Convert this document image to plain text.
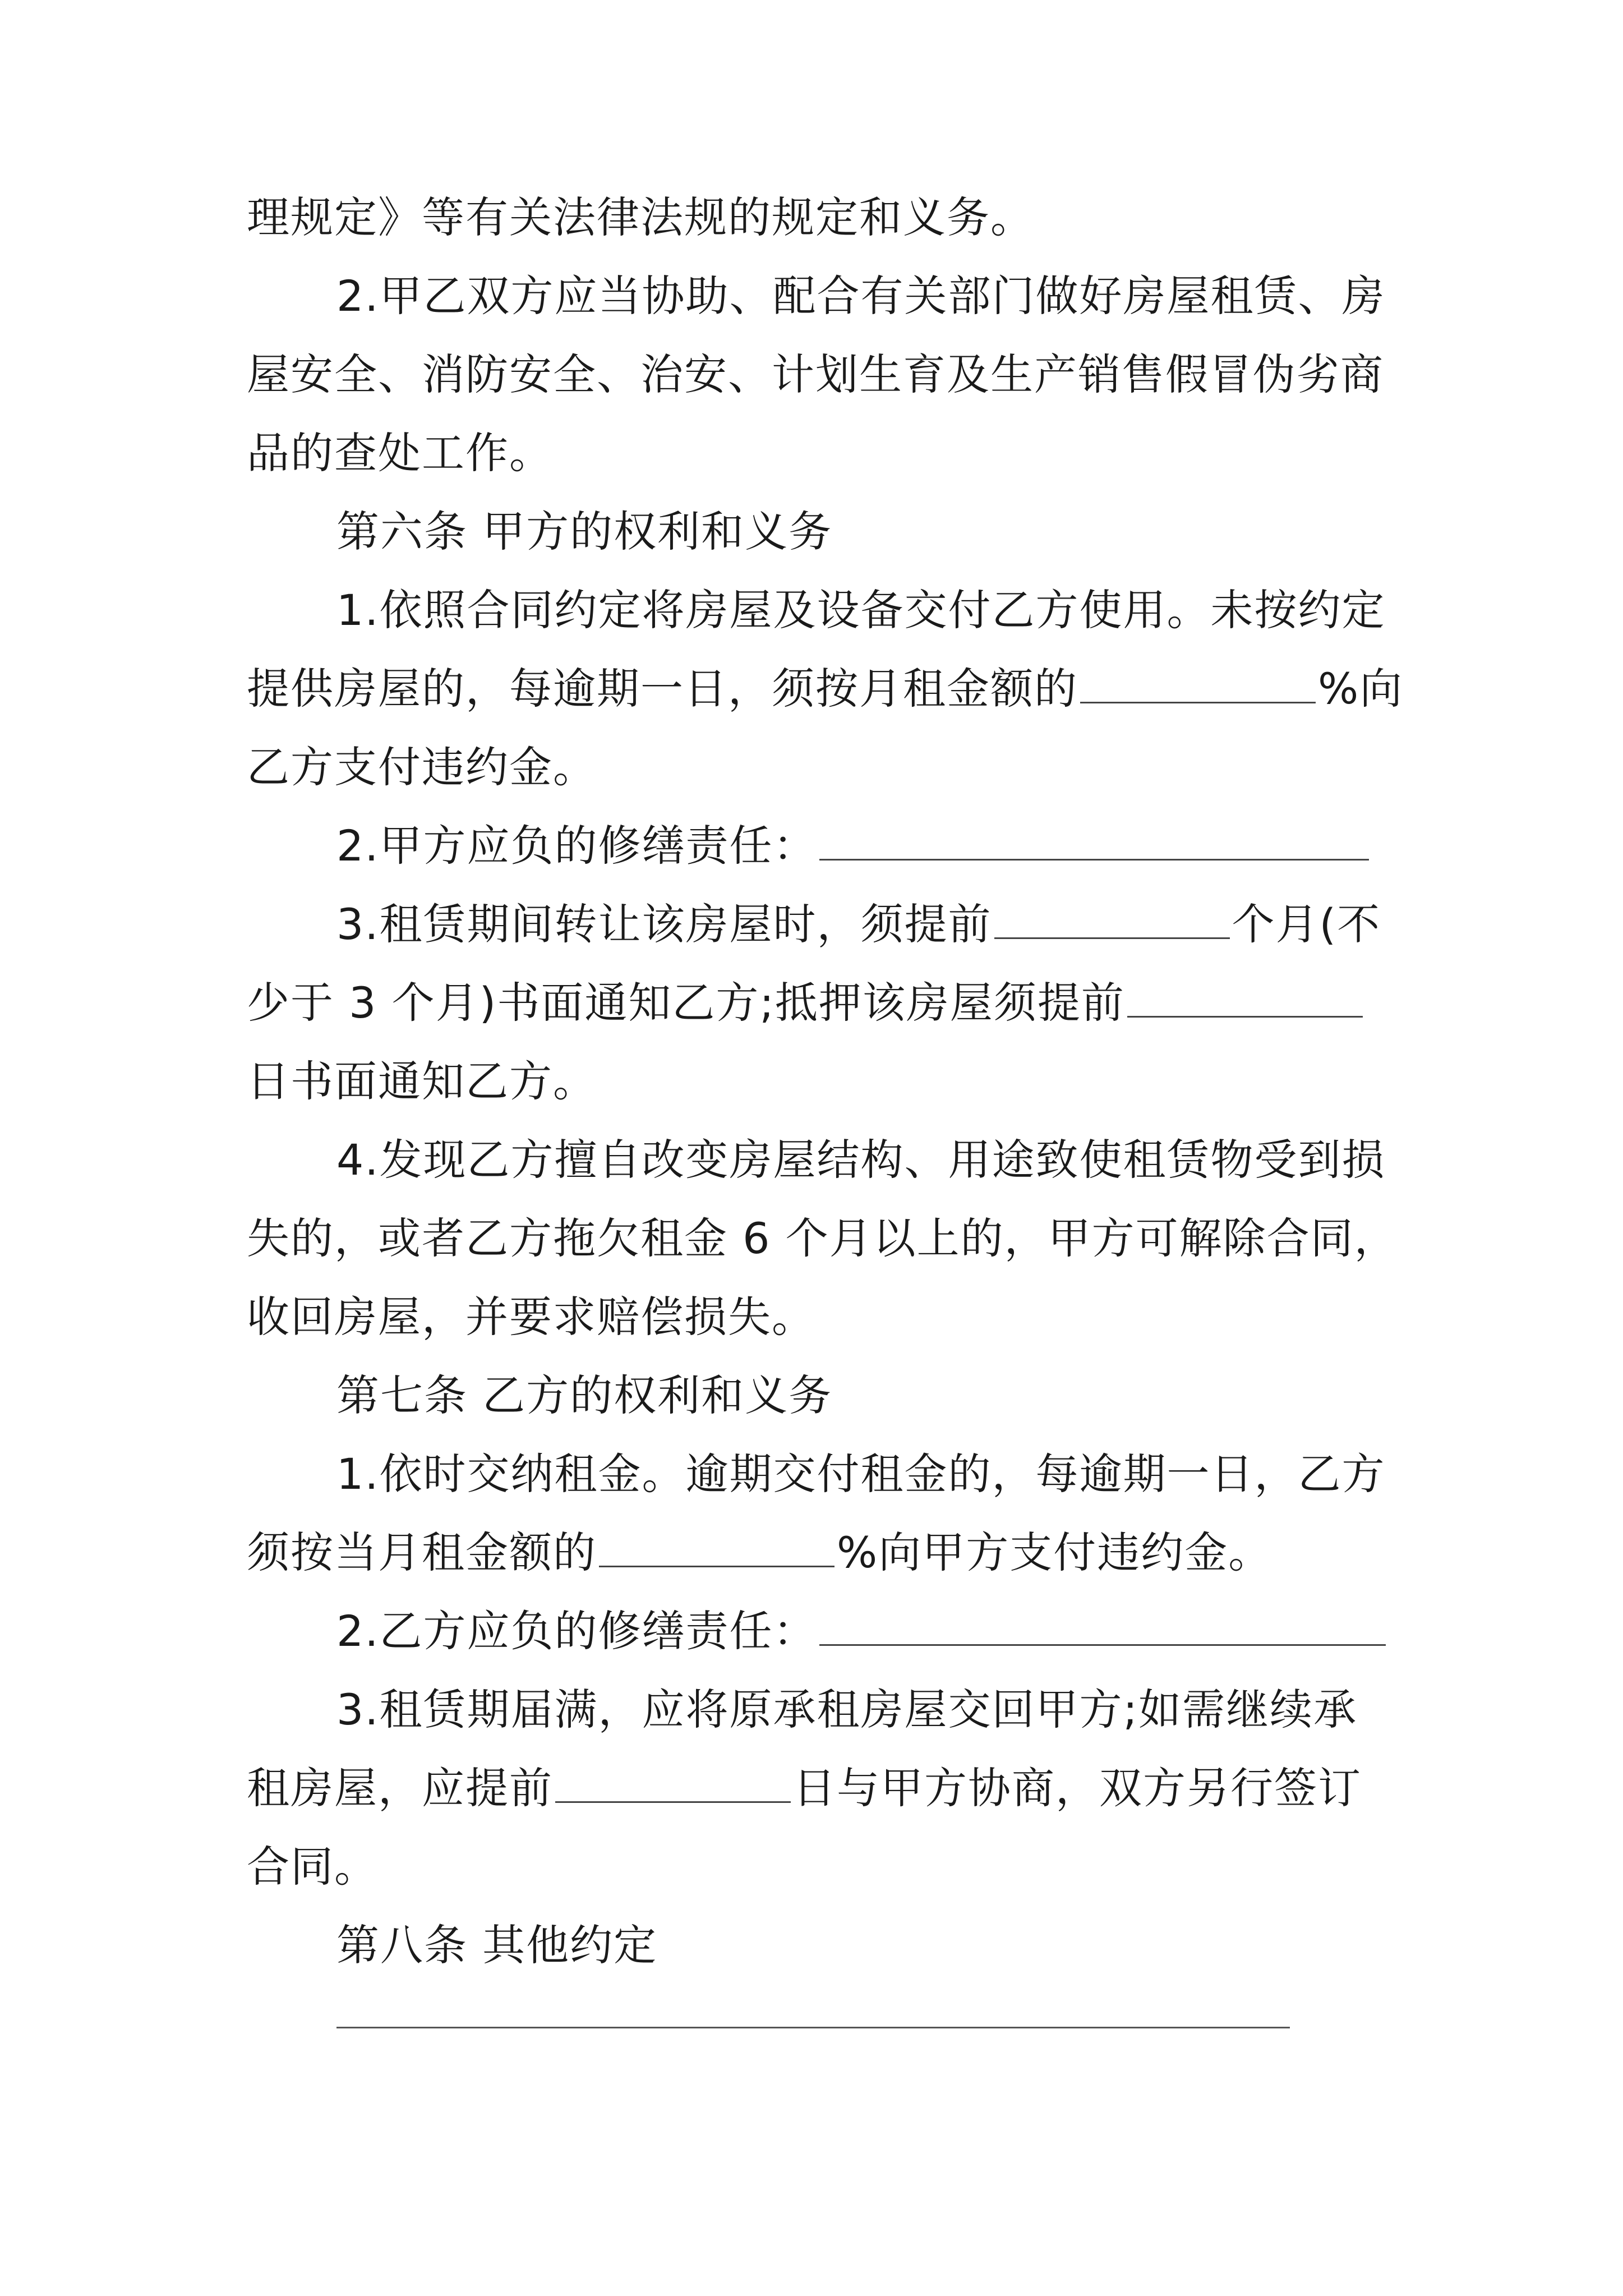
理规定》等有关法律法规的规定和义务。
2.甲乙双方应当协助、配合有关部门做好房屋租赁、房
屋安全、消防安全、治安、计划生育及生产销售假冒伪劣商
品的查处工作。
第六条 甲方的权利和义务
1.依照合同约定将房屋及设备交付乙方使用。未按约定
提供房屋的，每逾期一日，须按月租金额的	%向
乙方支付违约金。
2.甲方应负的修缮责任：
3.租赁期间转让该房屋时，须提前	个月(不
少于 3 个月)书面通知乙方;抵押该房屋须提前
日书面通知乙方。
4.发现乙方擅自改变房屋结构、用途致使租赁物受到损
失的，或者乙方拖欠租金 6 个月以上的，甲方可解除合同，
收回房屋，并要求赔偿损失。
第七条 乙方的权利和义务
1.依时交纳租金。逾期交付租金的，每逾期一日，乙方
须按当月租金额的	%向甲方支付违约金。
2.乙方应负的修缮责任：
3.租赁期届满，应将原承租房屋交回甲方;如需继续承
租房屋，应提前	日与甲方协商，双方另行签订
合同。
第八条 其他约定
